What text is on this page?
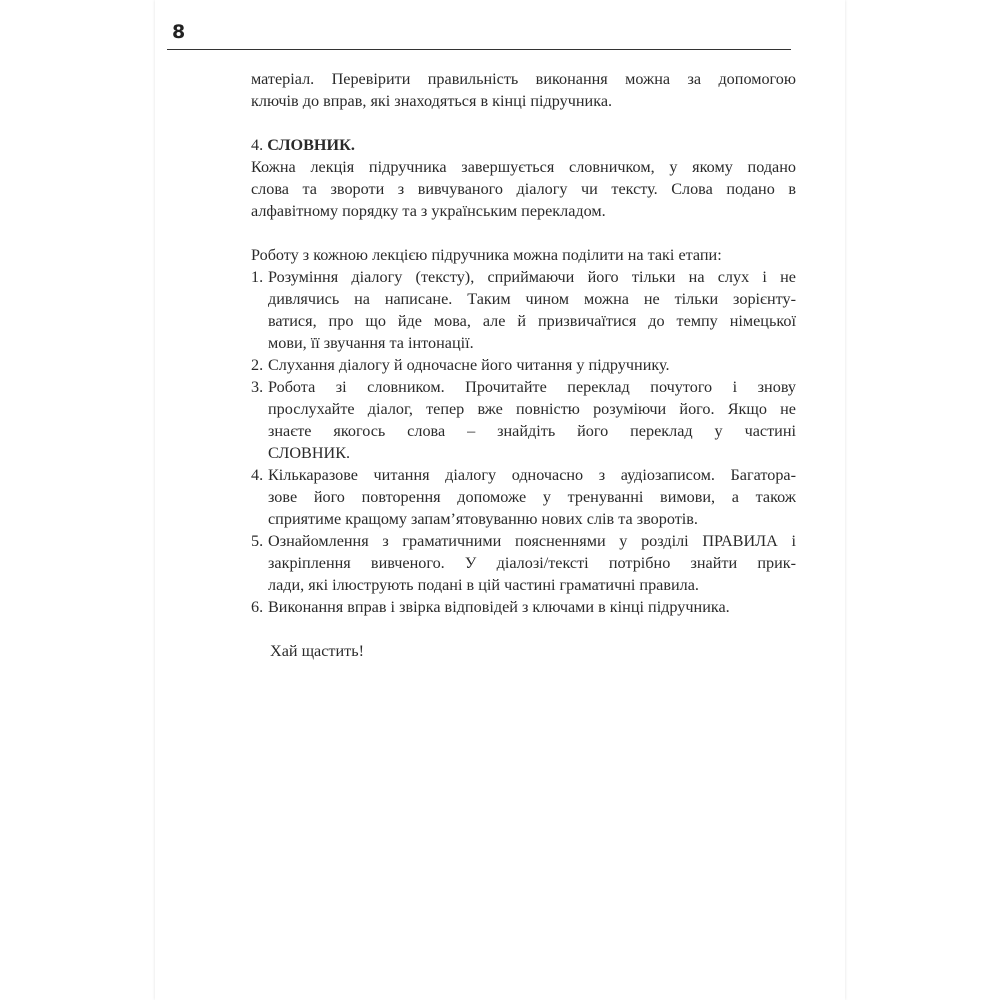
8

матеріал. Перевірити правильність виконання можна за допомогою

ключів до вправ, які знаходяться в кінці підручника.

4. СЛОВНИК.

Кожна лекція підручника завершується словничком, у якому подано

слова та звороти з вивчуваного діалогу чи тексту. Слова подано в

алфавітному порядку та з українським перекладом.

Роботу з кожною лекцією підручника можна поділити на такі етапи:

1. Розуміння діалогу (тексту), сприймаючи його тільки на слух і не
дивлячись на написане. Таким чином можна не тільки зорієнту-
ватися, про що йде мова, але й призвичаїтися до темпу німецької
мови, її звучання та інтонації.
2. Слухання діалогу й одночасне його читання у підручнику.
3. Робота зі словником. Прочитайте переклад почутого і знову
прослухайте діалог, тепер вже повністю розуміючи його. Якщо не
знаєте якогось слова – знайдіть його переклад у частині
СЛОВНИК.
4. Кількаразове читання діалогу одночасно з аудіозаписом. Багатора-
зове його повторення допоможе у тренуванні вимови, а також
сприятиме кращому запам’ятовуванню нових слів та зворотів.
5. Ознайомлення з граматичними поясненнями у розділі ПРАВИЛА і
закріплення вивченого. У діалозі/тексті потрібно знайти прик-
лади, які ілюструють подані в цій частині граматичні правила.
6. Виконання вправ і звірка відповідей з ключами в кінці підручника.

Хай щастить!
